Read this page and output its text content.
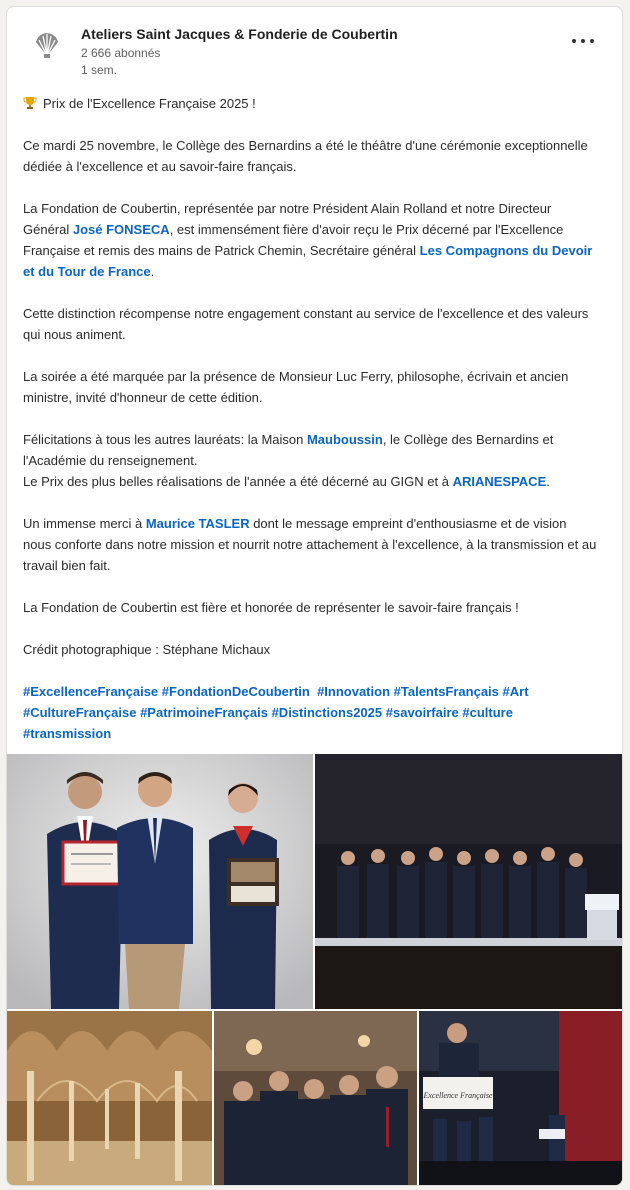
Ateliers Saint Jacques & Fonderie de Coubertin
2 666 abonnés
1 sem.
Prix de l'Excellence Française 2025 !
Ce mardi 25 novembre, le Collège des Bernardins a été le théâtre d'une cérémonie exceptionnelle dédiée à l'excellence et au savoir-faire français.
La Fondation de Coubertin, représentée par notre Président Alain Rolland et notre Directeur Général José FONSECA, est immensément fière d'avoir reçu le Prix décerné par l'Excellence Française et remis des mains de Patrick Chemin, Secrétaire général Les Compagnons du Devoir et du Tour de France.
Cette distinction récompense notre engagement constant au service de l'excellence et des valeurs qui nous animent.
La soirée a été marquée par la présence de Monsieur Luc Ferry, philosophe, écrivain et ancien ministre, invité d'honneur de cette édition.
Félicitations à tous les autres lauréats: la Maison Mauboussin, le Collège des Bernardins et l'Académie du renseignement.
Le Prix des plus belles réalisations de l'année a été décerné au GIGN et à ARIANESPACE.
Un immense merci à Maurice TASLER dont le message empreint d'enthousiasme et de vision nous conforte dans notre mission et nourrit notre attachement à l'excellence, à la transmission et au travail bien fait.
La Fondation de Coubertin est fière et honorée de représenter le savoir-faire français !
Crédit photographique : Stéphane Michaux
#ExcellenceFrançaise #FondationDeCoubertin #Innovation #TalentsFrançais #Art
#CultureFrançaise #PatrimoineFrançais #Distinctions2025 #savoirfaire #culture
#transmission
Excellence Française
